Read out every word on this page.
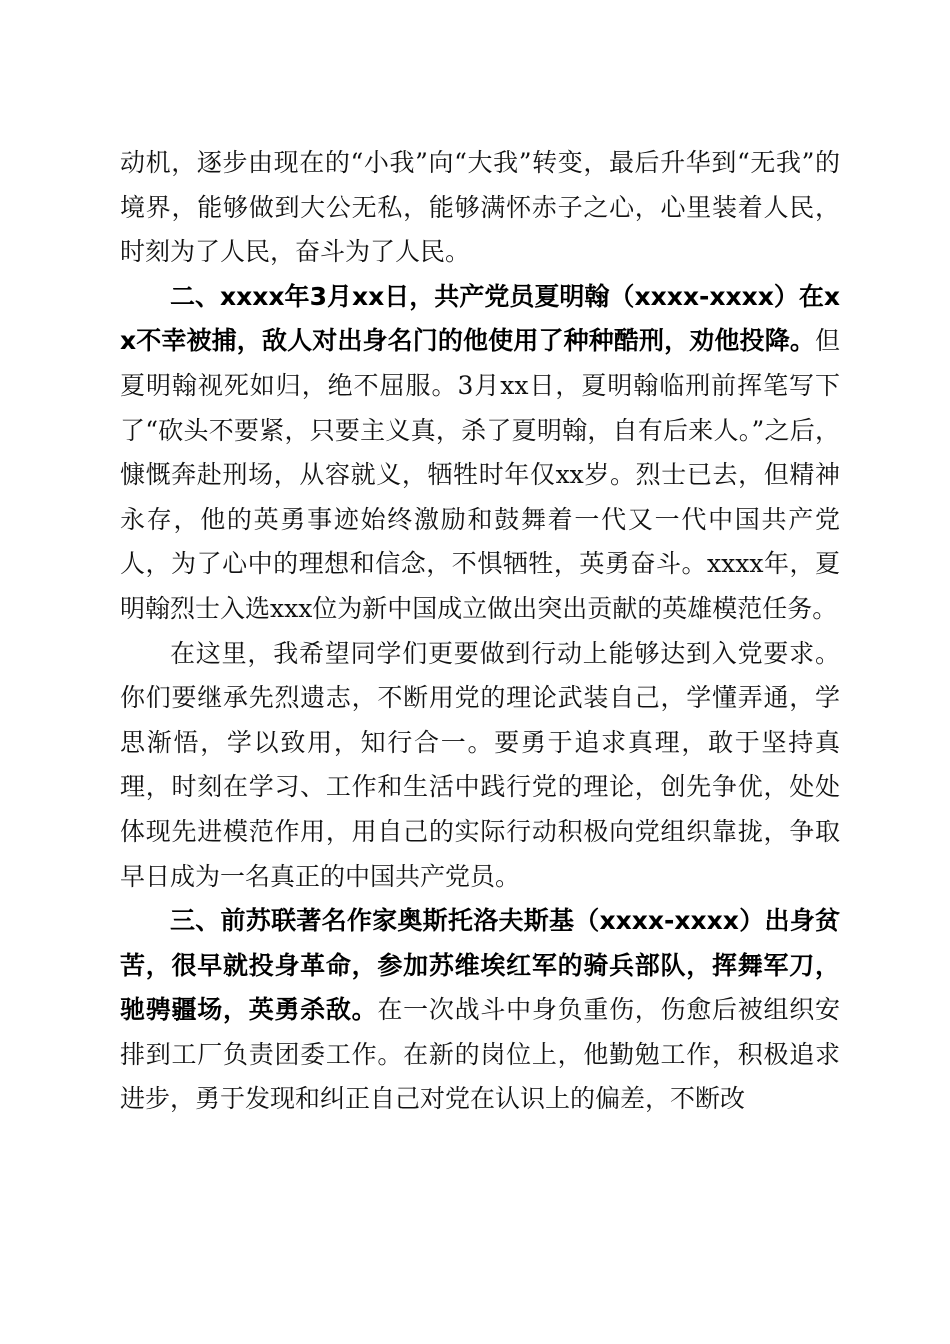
动机，逐步由现在的“小我”向“大我”转变，最后升华到“无我”的境界，能够做到大公无私，能够满怀赤子之心，心里装着人民，时刻为了人民，奋斗为了人民。

二、xxxx年3月xx日，共产党员夏明翰（xxxx-xxxx）在xx不幸被捕，敌人对出身名门的他使用了种种酷刑，劝他投降。但夏明翰视死如归，绝不屈服。3月xx日，夏明翰临刑前挥笔写下了“砍头不要紧，只要主义真，杀了夏明翰，自有后来人。”之后，慷慨奔赴刑场，从容就义，牺牲时年仅xx岁。烈士已去，但精神永存，他的英勇事迹始终激励和鼓舞着一代又一代中国共产党人，为了心中的理想和信念，不惧牺牲，英勇奋斗。xxxx年，夏明翰烈士入选xxx位为新中国成立做出突出贡献的英雄模范任务。

在这里，我希望同学们更要做到行动上能够达到入党要求。你们要继承先烈遗志，不断用党的理论武装自己，学懂弄通，学思渐悟，学以致用，知行合一。要勇于追求真理，敢于坚持真理，时刻在学习、工作和生活中践行党的理论，创先争优，处处体现先进模范作用，用自己的实际行动积极向党组织靠拢，争取早日成为一名真正的中国共产党员。

三、前苏联著名作家奥斯托洛夫斯基（xxxx-xxxx）出身贫苦，很早就投身革命，参加苏维埃红军的骑兵部队，挥舞军刀，驰骋疆场，英勇杀敌。在一次战斗中身负重伤，伤愈后被组织安排到工厂负责团委工作。在新的岗位上，他勤勉工作，积极追求进步，勇于发现和纠正自己对党在认识上的偏差，不断改
